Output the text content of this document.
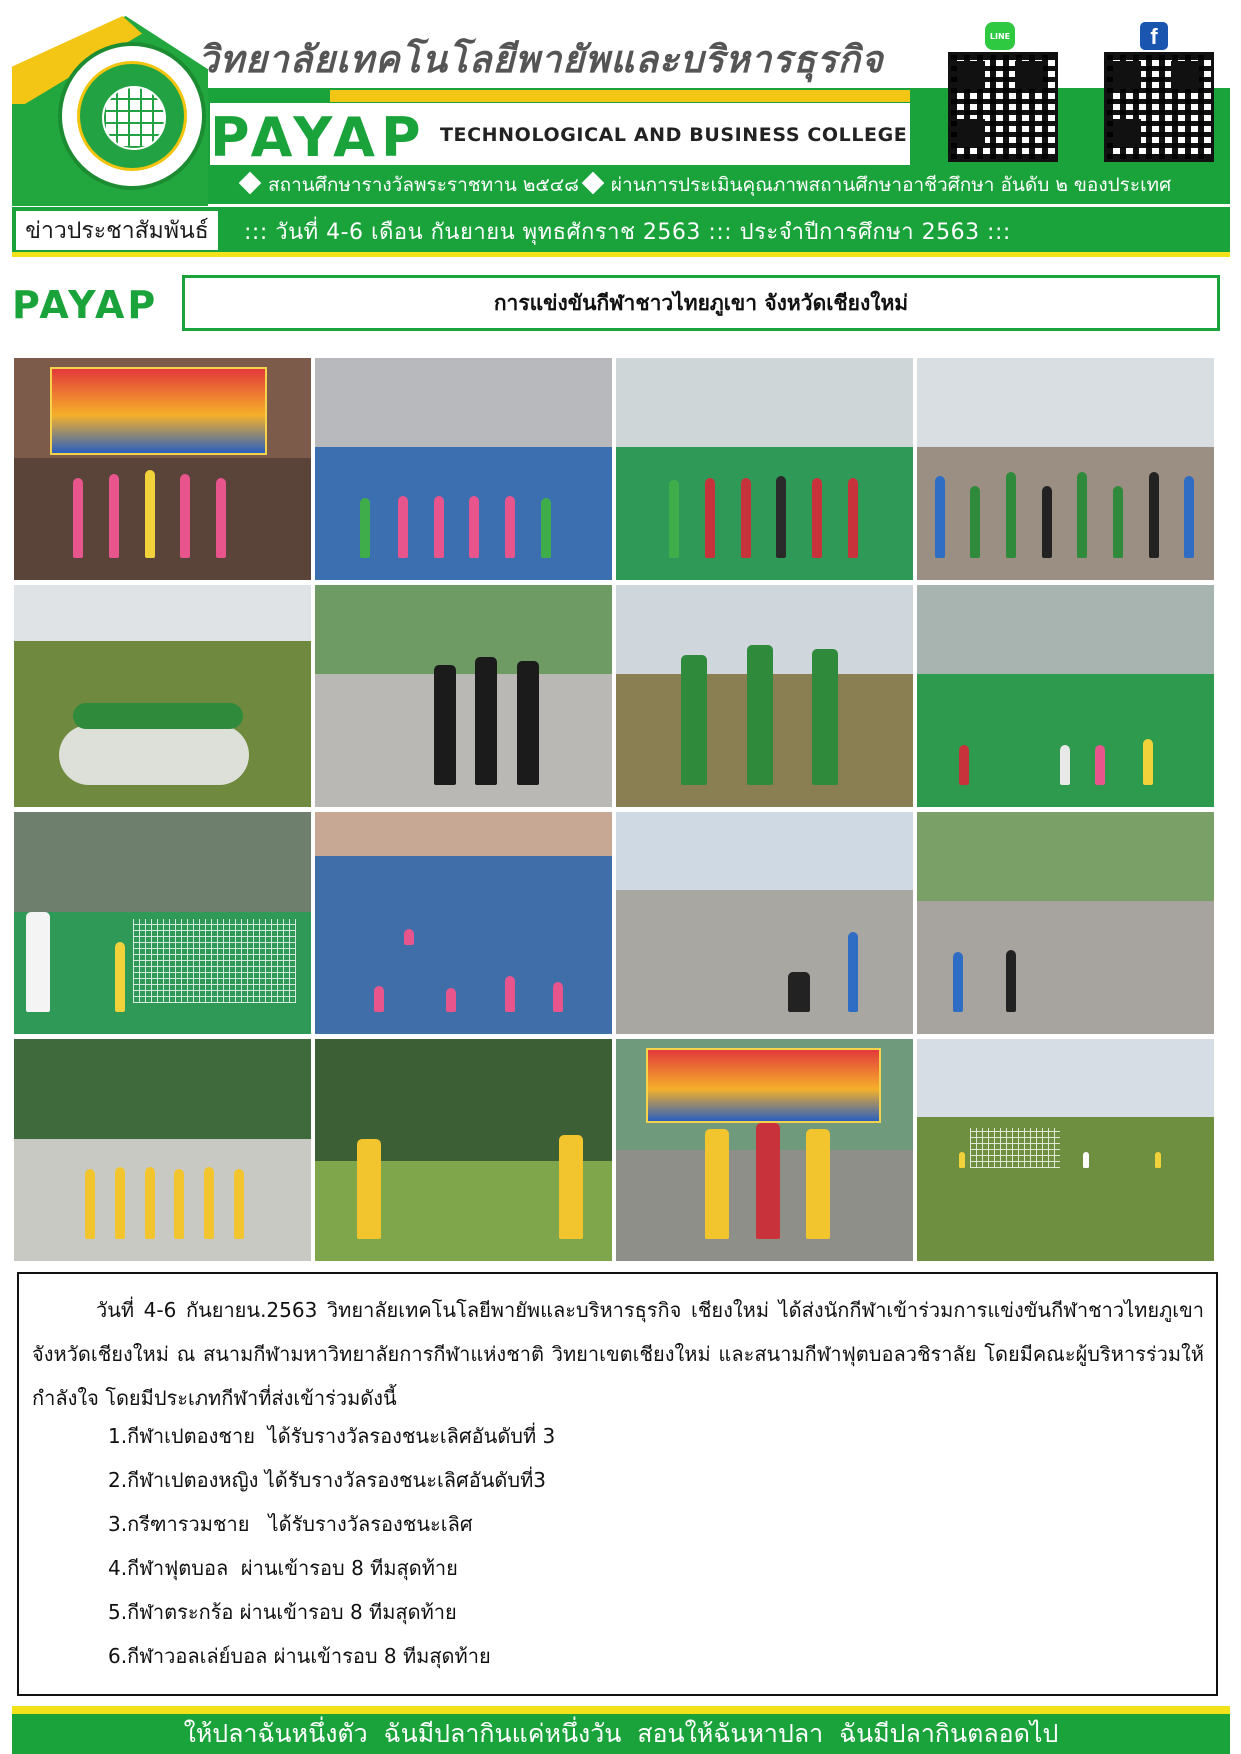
วิทยาลัยเทคโนโลยีพายัพและบริหารธุรกิจ
PAYAP TECHNOLOGICAL AND BUSINESS COLLEGE
สถานศึกษารางวัลพระราชทาน ๒๕๔๘ ผ่านการประเมินคุณภาพสถานศึกษาอาชีวศึกษา อันดับ ๒ ของประเทศ
LINE	f
ข่าวประชาสัมพันธ์	::: วันที่ 4-6 เดือน กันยายน พุทธศักราช 2563 ::: ประจำปีการศึกษา 2563 :::
PAYAP	การแข่งขันกีฬาชาวไทยภูเขา จังหวัดเชียงใหม่
วันที่ 4-6 กันยายน.2563 วิทยาลัยเทคโนโลยีพายัพและบริหารธุรกิจ เชียงใหม่ ได้ส่งนักกีฬาเข้าร่วมการแข่งขันกีฬาชาวไทยภูเขา จังหวัดเชียงใหม่ ณ สนามกีฬามหาวิทยาลัยการกีฬาแห่งชาติ วิทยาเขตเชียงใหม่ และสนามกีฬาฟุตบอลวชิราลัย โดยมีคณะผู้บริหารร่วมให้กำลังใจ โดยมีประเภทกีฬาที่ส่งเข้าร่วมดังนี้
1.กีฬาเปตองชาย  ได้รับรางวัลรองชนะเลิศอันดับที่ 3
2.กีฬาเปตองหญิง ได้รับรางวัลรองชนะเลิศอันดับที่3
3.กรีฑารวมชาย   ได้รับรางวัลรองชนะเลิศ
4.กีฬาฟุตบอล  ผ่านเข้ารอบ 8 ทีมสุดท้าย
5.กีฬาตระกร้อ ผ่านเข้ารอบ 8 ทีมสุดท้าย
6.กีฬาวอลเล่ย์บอล ผ่านเข้ารอบ 8 ทีมสุดท้าย
ให้ปลาฉันหนึ่งตัว  ฉันมีปลากินแค่หนึ่งวัน  สอนให้ฉันหาปลา  ฉันมีปลากินตลอดไป
